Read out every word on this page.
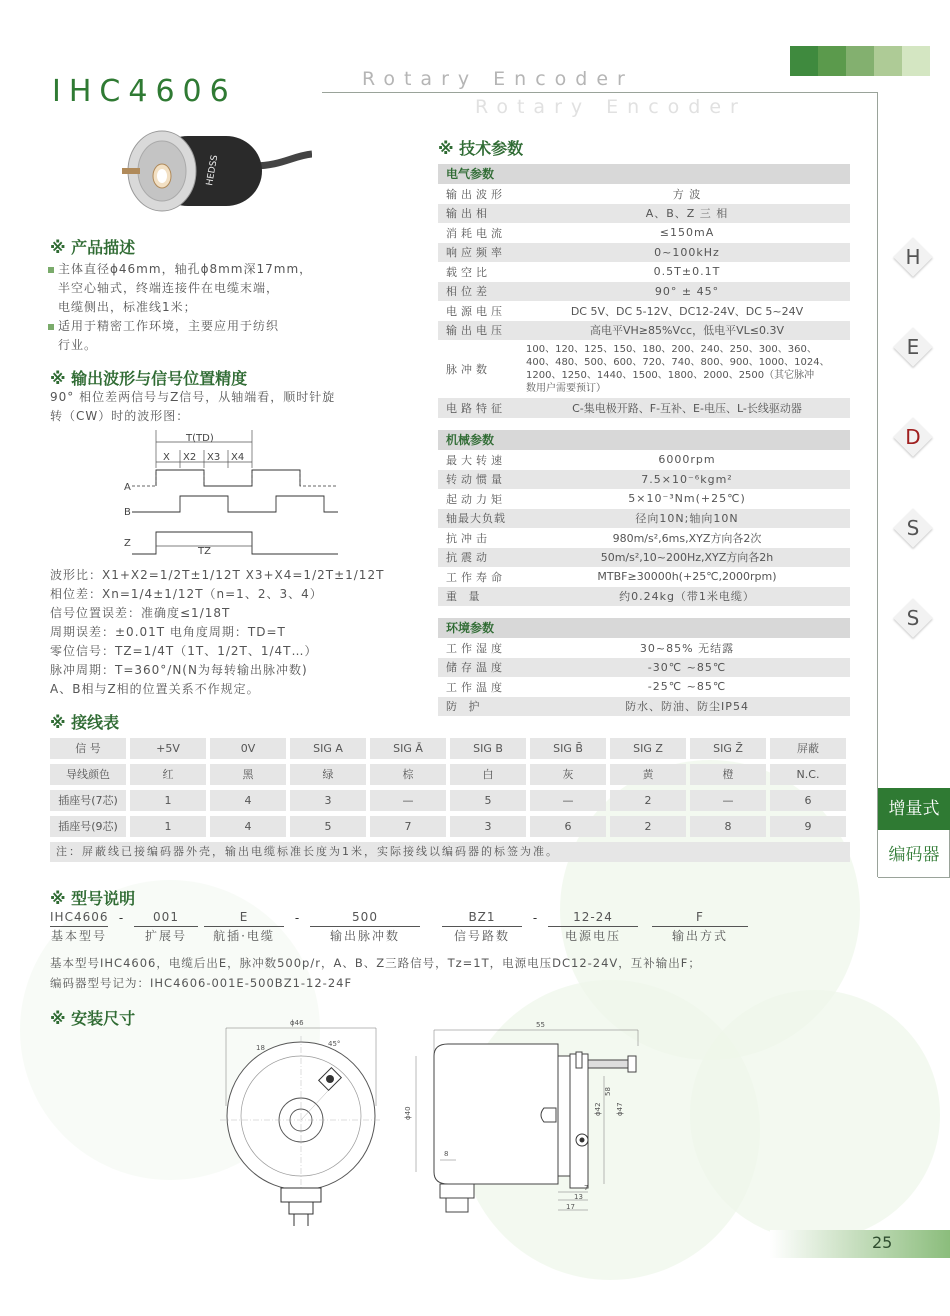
IHC4606	Rotary Encoder
Rotary Encoder
HEDSS
※ 产品描述
主体直径ϕ46mm，轴孔ϕ8mm深17mm，
半空心轴式，终端连接件在电缆末端，
电缆侧出，标准线1米；
适用于精密工作环境，主要应用于纺织
行业。
※ 输出波形与信号位置精度
90° 相位差两信号与Z信号，从轴端看，顺时针旋
转（CW）时的波形图：
T(TD)
X X2 X3 X4
A
B
Z
TZ
波形比：X1+X2=1/2T±1/12T X3+X4=1/2T±1/12T
相位差：Xn=1/4±1/12T（n=1、2、3、4）
信号位置误差：准确度≤1/18T
周期误差：±0.01T 电角度周期：TD=T
零位信号：TZ=1/4T（1T、1/2T、1/4T…）
脉冲周期：T=360°/N(N为每转输出脉冲数)
A、B相与Z相的位置关系不作规定。
※ 技术参数
电气参数
输出波形	方 波
输出相	A、B、Z 三 相
消耗电流	≤150mA
响应频率	0~100kHz
载空比	0.5T±0.1T
相位差	90° ± 45°
电源电压	DC 5V、DC 5-12V、DC12-24V、DC 5~24V
输出电压	高电平VH≥85%Vcc，低电平VL≤0.3V
脉冲数
100、120、125、150、180、200、240、250、300、360、
400、480、500、600、720、740、800、900、1000、1024、
1200、1250、1440、1500、1800、2000、2500（其它脉冲
数用户需要预订）
电路特征	C-集电极开路、F-互补、E-电压、L-长线驱动器
机械参数
最大转速	6000rpm
转动惯量	7.5×10⁻⁶kgm²
起动力矩	5×10⁻³Nm(+25℃)
轴最大负载	径向10N;轴向10N
抗冲击	980m/s²,6ms,XYZ方向各2次
抗震动	50m/s²,10~200Hz,XYZ方向各2h
工作寿命	MTBF≥30000h(+25℃,2000rpm)
重 量	约0.24kg（带1米电缆）
环境参数
工作湿度	30~85% 无结露
储存温度	-30℃ ~85℃
工作温度	-25℃ ~85℃
防 护	防水、防油、防尘IP54
H
E
D
S
S
增量式
编码器
※ 接线表
信 号	+5V	0V	SIG A	SIG Ā	SIG B	SIG B̄	SIG Z	SIG Z̄	屏蔽
导线颜色	红	黑	绿	棕	白	灰	黄	橙	N.C.
插座号(7芯)	1	4	3	—	5	—	2	—	6
插座号(9芯)	1	4	5	7	3	6	2	8	9
注：屏蔽线已接编码器外壳，输出电缆标准长度为1米，实际接线以编码器的标签为准。
※ 型号说明
IHC4606
基本型号
-	001
扩展号
E
航插·电缆
-	500
输出脉冲数
BZ1
信号路数
-	12-24
电源电压
F
输出方式
基本型号IHC4606，电缆后出E，脉冲数500p/r，A、B、Z三路信号，Tz=1T，电源电压DC12-24V，互补输出F；
编码器型号记为：IHC4606-001E-500BZ1-12-24F
※ 安装尺寸	ϕ46
45°
18
55
ϕ40
58
ϕ47
ϕ42
8
7
13
17
25
